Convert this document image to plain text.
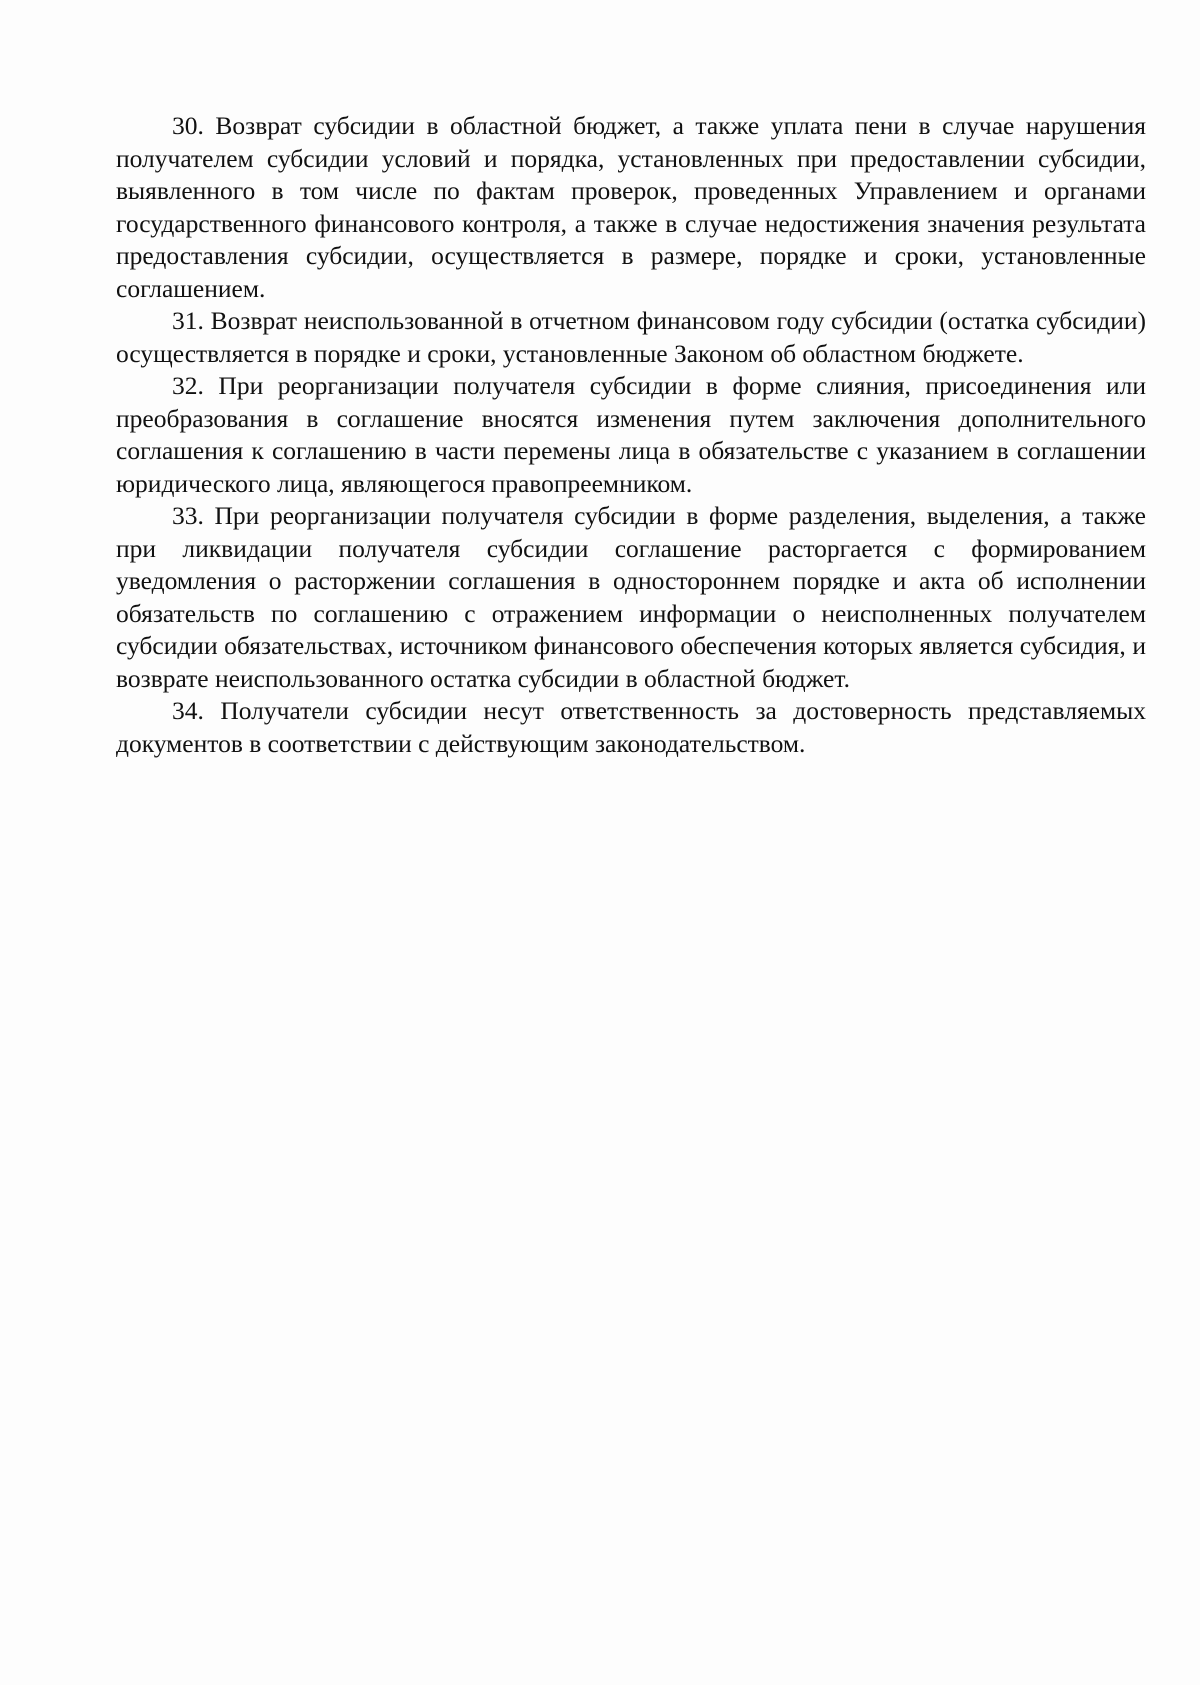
30. Возврат субсидии в областной бюджет, а также уплата пени в случае нарушения получателем субсидии условий и порядка, установленных при предоставлении субсидии, выявленного в том числе по фактам проверок, проведенных Управлением и органами государственного финансового контроля, а также в случае недостижения значения результата предоставления субсидии, осуществляется в размере, порядке и сроки, установленные соглашением.

31. Возврат неиспользованной в отчетном финансовом году субсидии (остатка субсидии) осуществляется в порядке и сроки, установленные Законом об областном бюджете.

32. При реорганизации получателя субсидии в форме слияния, присоединения или преобразования в соглашение вносятся изменения путем заключения дополнительного соглашения к соглашению в части перемены лица в обязательстве с указанием в соглашении юридического лица, являющегося правопреемником.

33. При реорганизации получателя субсидии в форме разделения, выделения, а также при ликвидации получателя субсидии соглашение расторгается с формированием уведомления о расторжении соглашения в одностороннем порядке и акта об исполнении обязательств по соглашению с отражением информации о неисполненных получателем субсидии обязательствах, источником финансового обеспечения которых является субсидия, и возврате неиспользованного остатка субсидии в областной бюджет.

34. Получатели субсидии несут ответственность за достоверность представляемых документов в соответствии с действующим законодательством.
